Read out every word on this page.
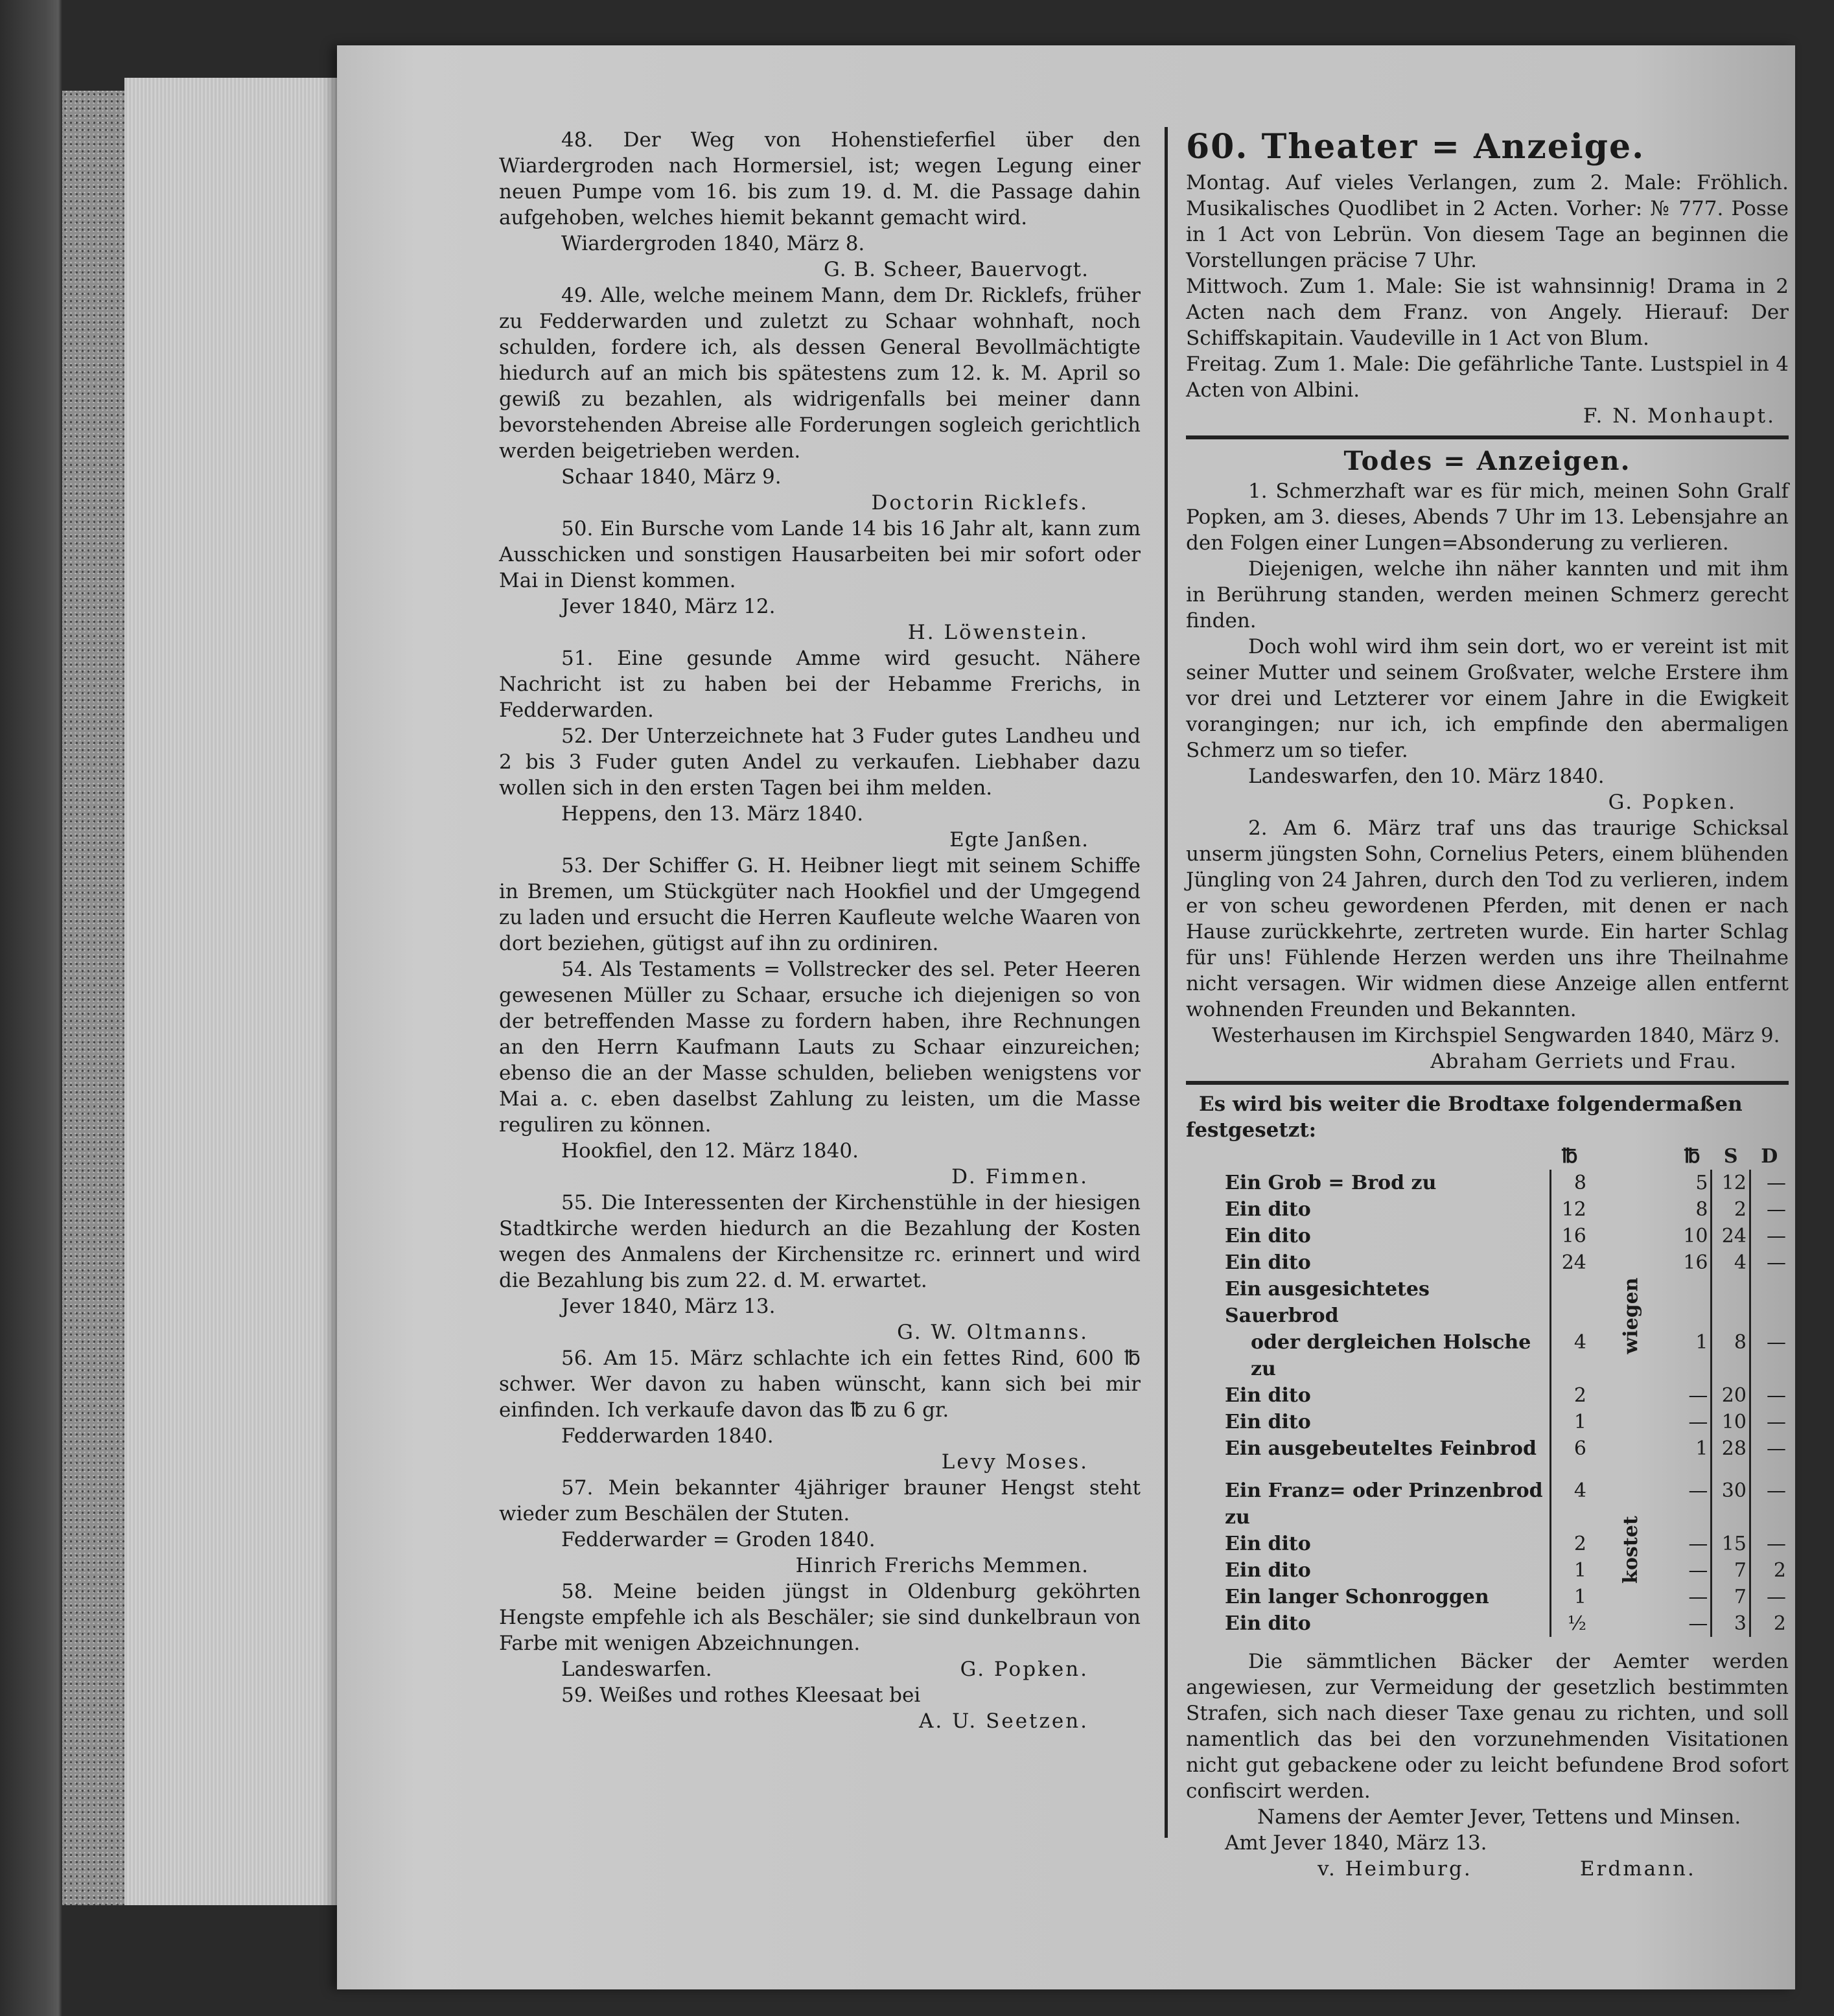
48. Der Weg von Hohenstieferfiel über den Wiardergroden nach Hormersiel, ist; wegen Legung einer neuen Pumpe vom 16. bis zum 19. d. M. die Passage dahin aufgehoben, welches hiemit bekannt gemacht wird.

Wiardergroden 1840, März 8.

G. B. Scheer, Bauervogt.

49. Alle, welche meinem Mann, dem Dr. Ricklefs, früher zu Fedderwarden und zuletzt zu Schaar wohnhaft, noch schulden, fordere ich, als dessen General Bevollmächtigte hiedurch auf an mich bis spätestens zum 12. k. M. April so gewiß zu bezahlen, als widrigenfalls bei meiner dann bevorstehenden Abreise alle Forderungen sogleich gerichtlich werden beigetrieben werden.

Schaar 1840, März 9.

Doctorin Ricklefs.

50. Ein Bursche vom Lande 14 bis 16 Jahr alt, kann zum Ausschicken und sonstigen Hausarbeiten bei mir sofort oder Mai in Dienst kommen.

Jever 1840, März 12.

H. Löwenstein.

51. Eine gesunde Amme wird gesucht. Nähere Nachricht ist zu haben bei der Hebamme Frerichs, in Fedderwarden.

52. Der Unterzeichnete hat 3 Fuder gutes Landheu und 2 bis 3 Fuder guten Andel zu verkaufen. Liebhaber dazu wollen sich in den ersten Tagen bei ihm melden.

Heppens, den 13. März 1840.

Egte Janßen.

53. Der Schiffer G. H. Heibner liegt mit seinem Schiffe in Bremen, um Stückgüter nach Hookfiel und der Umgegend zu laden und ersucht die Herren Kaufleute welche Waaren von dort beziehen, gütigst auf ihn zu ordiniren.

54. Als Testaments = Vollstrecker des sel. Peter Heeren gewesenen Müller zu Schaar, ersuche ich diejenigen so von der betreffenden Masse zu fordern haben, ihre Rechnungen an den Herrn Kaufmann Lauts zu Schaar einzureichen; ebenso die an der Masse schulden, belieben wenigstens vor Mai a. c. eben daselbst Zahlung zu leisten, um die Masse reguliren zu können.

Hookfiel, den 12. März 1840.

D. Fimmen.

55. Die Interessenten der Kirchenstühle in der hiesigen Stadtkirche werden hiedurch an die Bezahlung der Kosten wegen des Anmalens der Kirchensitze rc. erinnert und wird die Bezahlung bis zum 22. d. M. erwartet.

Jever 1840, März 13.

G. W. Oltmanns.

56. Am 15. März schlachte ich ein fettes Rind, 600 ℔ schwer. Wer davon zu haben wünscht, kann sich bei mir einfinden. Ich verkaufe davon das ℔ zu 6 gr.

Fedderwarden 1840.

Levy Moses.

57. Mein bekannter 4jähriger brauner Hengst steht wieder zum Beschälen der Stuten.

Fedderwarder = Groden 1840.

Hinrich Frerichs Memmen.

58. Meine beiden jüngst in Oldenburg geköhrten Hengste empfehle ich als Beschäler; sie sind dunkelbraun von Farbe mit wenigen Abzeichnungen.

Landeswarfen.	G. Popken.

59. Weißes und rothes Kleesaat bei

A. U. Seetzen.

60. Theater = Anzeige.

Montag. Auf vieles Verlangen, zum 2. Male: Fröhlich. Musikalisches Quodlibet in 2 Acten. Vorher: № 777. Posse in 1 Act von Lebrün. Von diesem Tage an beginnen die Vorstellungen präcise 7 Uhr.

Mittwoch. Zum 1. Male: Sie ist wahnsinnig! Drama in 2 Acten nach dem Franz. von Angely. Hierauf: Der Schiffskapitain. Vaudeville in 1 Act von Blum.

Freitag. Zum 1. Male: Die gefährliche Tante. Lustspiel in 4 Acten von Albini.

F. N. Monhaupt.

Todes = Anzeigen.

1. Schmerzhaft war es für mich, meinen Sohn Gralf Popken, am 3. dieses, Abends 7 Uhr im 13. Lebensjahre an den Folgen einer Lungen=Absonderung zu verlieren.

Diejenigen, welche ihn näher kannten und mit ihm in Berührung standen, werden meinen Schmerz gerecht finden.

Doch wohl wird ihm sein dort, wo er vereint ist mit seiner Mutter und seinem Großvater, welche Erstere ihm vor drei und Letzterer vor einem Jahre in die Ewigkeit vorangingen; nur ich, ich empfinde den abermaligen Schmerz um so tiefer.

Landeswarfen, den 10. März 1840.

G. Popken.

2. Am 6. März traf uns das traurige Schicksal unserm jüngsten Sohn, Cornelius Peters, einem blühenden Jüngling von 24 Jahren, durch den Tod zu verlieren, indem er von scheu gewordenen Pferden, mit denen er nach Hause zurückkehrte, zertreten wurde. Ein harter Schlag für uns! Fühlende Herzen werden uns ihre Theilnahme nicht versagen. Wir widmen diese Anzeige allen entfernt wohnenden Freunden und Bekannten.

Westerhausen im Kirchspiel Sengwarden 1840, März 9.

Abraham Gerriets und Frau.

Es wird bis weiter die Brodtaxe folgendermaßen festgesetzt:

	℔		℔	S	D
Ein Grob = Brod zu	8	wiegen	5	12	—
Ein dito	12		8	2	—
Ein dito	16		10	24	—
Ein dito	24		16	4	—
Ein ausgesichtetes Sauerbrod					
oder dergleichen Holsche zu	4		1	8	—
Ein dito	2		—	20	—
Ein dito	1		—	10	—
Ein ausgebeuteltes Feinbrod	6		1	28	—
Ein Franz= oder Prinzenbrod zu	4	kostet	—	30	—
Ein dito	2		—	15	—
Ein dito	1		—	7	2
Ein langer Schonroggen	1		—	7	—
Ein dito	½		—	3	2

Die sämmtlichen Bäcker der Aemter werden angewiesen, zur Vermeidung der gesetzlich bestimmten Strafen, sich nach dieser Taxe genau zu richten, und soll namentlich das bei den vorzunehmenden Visitationen nicht gut gebackene oder zu leicht befundene Brod sofort confiscirt werden.

Namens der Aemter Jever, Tettens und Minsen.

Amt Jever 1840, März 13.

v. Heimburg.	Erdmann.
